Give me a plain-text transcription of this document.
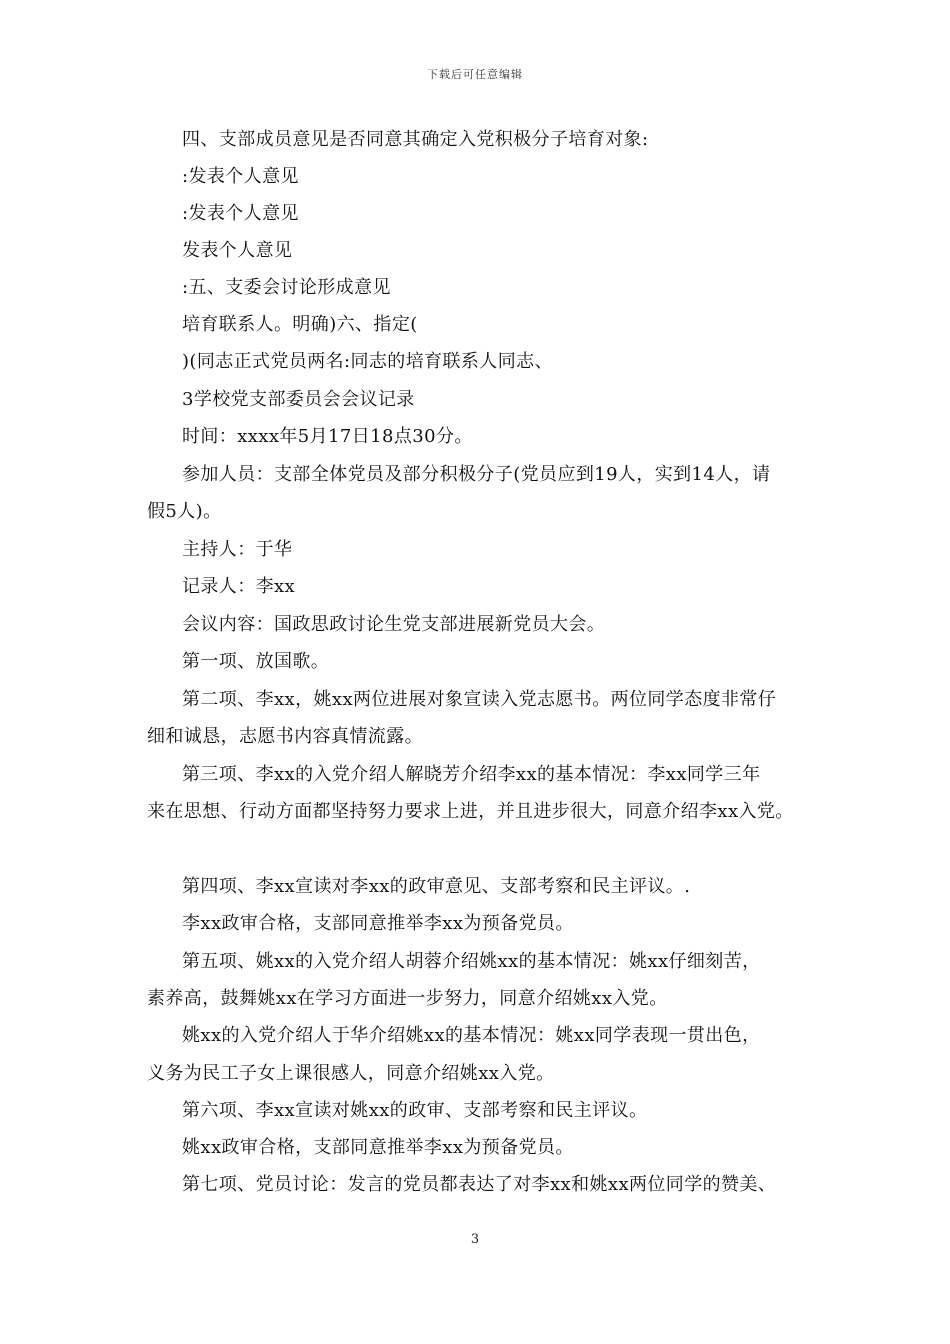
下载后可任意编辑
四、支部成员意见是否同意其确定入党积极分子培育对象:
:发表个人意见
:发表个人意见
发表个人意见
:五、支委会讨论形成意见
培育联系人。明确)六、指定(
)(同志正式党员两名:同志的培育联系人同志、
3学校党支部委员会会议记录
时间：xxxx年5月17日18点30分。
参加人员：支部全体党员及部分积极分子(党员应到19人，实到14人，请
假5人)。
主持人：于华
记录人：李xx
会议内容：国政思政讨论生党支部进展新党员大会。
第一项、放国歌。
第二项、李xx，姚xx两位进展对象宣读入党志愿书。两位同学态度非常仔
细和诚恳，志愿书内容真情流露。
第三项、李xx的入党介绍人解晓芳介绍李xx的基本情况：李xx同学三年
来在思想、行动方面都坚持努力要求上进，并且进步很大，同意介绍李xx入党。
第四项、李xx宣读对李xx的政审意见、支部考察和民主评议。.
李xx政审合格，支部同意推举李xx为预备党员。
第五项、姚xx的入党介绍人胡蓉介绍姚xx的基本情况：姚xx仔细刻苦，
素养高，鼓舞姚xx在学习方面进一步努力，同意介绍姚xx入党。
姚xx的入党介绍人于华介绍姚xx的基本情况：姚xx同学表现一贯出色，
义务为民工子女上课很感人，同意介绍姚xx入党。
第六项、李xx宣读对姚xx的政审、支部考察和民主评议。
姚xx政审合格，支部同意推举李xx为预备党员。
第七项、党员讨论：发言的党员都表达了对李xx和姚xx两位同学的赞美、
3
